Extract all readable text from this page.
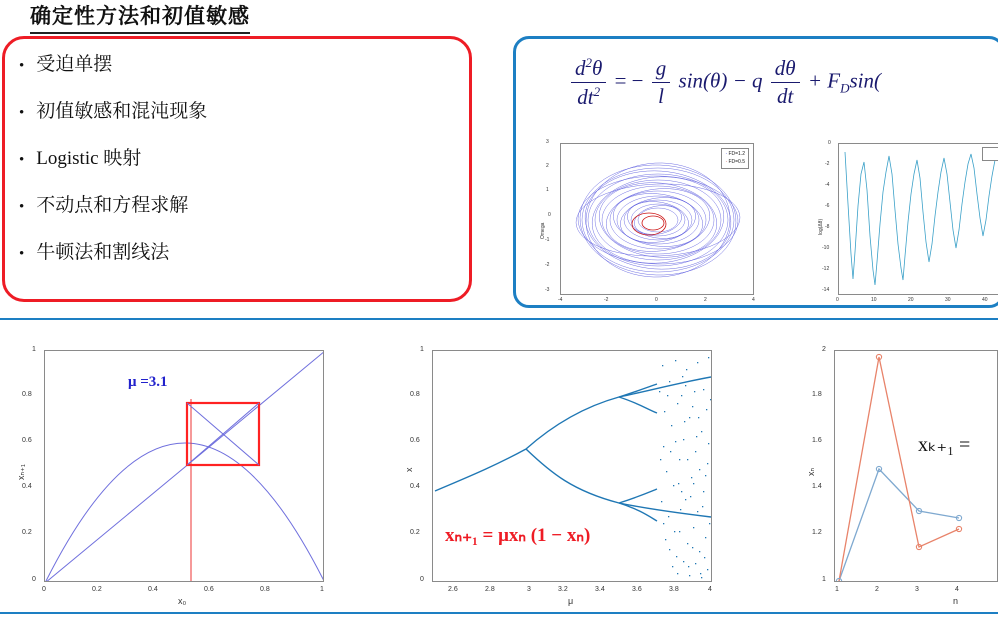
确定性方法和初值敏感
• 受迫单摆
• 初值敏感和混沌现象
• Logistic 映射
• 不动点和方程求解
• 牛顿法和割线法
$\frac{d^2\theta}{dt^2}$ = − $\frac{g}{l} \sin(\theta) - q \frac{d\theta}{dt} + F_D\sin$(
· FD=1.2
· FD=0.5
3
2
1
0
-1
-2
-3
Omega
-4	-2	0	2	4
Theta
0
-2
-4
-6
-8
-10
-12
-14
log(Δθ)
0	10	20	30	40
Time
1
0.8
0.6
0.4
0.2
0
xₙ₊₁
0	0.2	0.4	0.6	0.8	1
x₀
1
0.8
0.6
0.4
0.2
0
x
2.6	2.8	3	3.2	3.4	3.6	3.8	4
μ
2
1.8
1.6
1.4
1.2
1
xₙ
1	2	3	4
n
μ =3.1
xₙ₊₁ = μxₙ (1 − xₙ)
xₖ₊₁ =
